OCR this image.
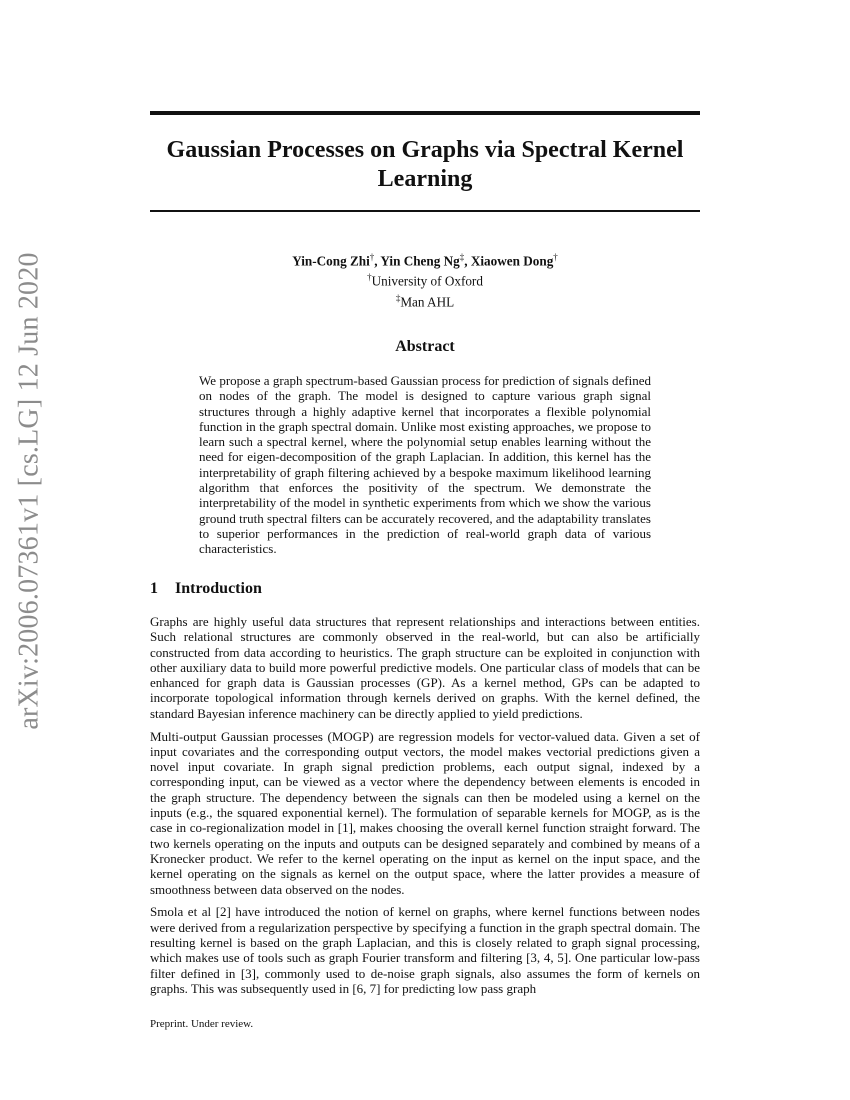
arXiv:2006.07361v1 [cs.LG] 12 Jun 2020
Gaussian Processes on Graphs via Spectral Kernel
Learning
Yin-Cong Zhi†, Yin Cheng Ng‡, Xiaowen Dong†
†University of Oxford
‡Man AHL
Abstract
We propose a graph spectrum-based Gaussian process for prediction of signals defined on nodes of the graph. The model is designed to capture various graph signal structures through a highly adaptive kernel that incorporates a flexible polynomial function in the graph spectral domain. Unlike most existing approaches, we propose to learn such a spectral kernel, where the polynomial setup enables learning without the need for eigen-decomposition of the graph Laplacian. In addition, this kernel has the interpretability of graph filtering achieved by a bespoke maximum likelihood learning algorithm that enforces the positivity of the spectrum. We demonstrate the interpretability of the model in synthetic experiments from which we show the various ground truth spectral filters can be accurately recovered, and the adaptability translates to superior performances in the prediction of real-world graph data of various characteristics.
1 Introduction

Graphs are highly useful data structures that represent relationships and interactions between entities. Such relational structures are commonly observed in the real-world, but can also be artificially constructed from data according to heuristics. The graph structure can be exploited in conjunction with other auxiliary data to build more powerful predictive models. One particular class of models that can be enhanced for graph data is Gaussian processes (GP). As a kernel method, GPs can be adapted to incorporate topological information through kernels derived on graphs. With the kernel defined, the standard Bayesian inference machinery can be directly applied to yield predictions.

Multi-output Gaussian processes (MOGP) are regression models for vector-valued data. Given a set of input covariates and the corresponding output vectors, the model makes vectorial predictions given a novel input covariate. In graph signal prediction problems, each output signal, indexed by a corresponding input, can be viewed as a vector where the dependency between elements is encoded in the graph structure. The dependency between the signals can then be modeled using a kernel on the inputs (e.g., the squared exponential kernel). The formulation of separable kernels for MOGP, as is the case in co-regionalization model in [1], makes choosing the overall kernel function straight forward. The two kernels operating on the inputs and outputs can be designed separately and combined by means of a Kronecker product. We refer to the kernel operating on the input as kernel on the input space, and the kernel operating on the signals as kernel on the output space, where the latter provides a measure of smoothness between data observed on the nodes.

Smola et al [2] have introduced the notion of kernel on graphs, where kernel functions between nodes were derived from a regularization perspective by specifying a function in the graph spectral domain. The resulting kernel is based on the graph Laplacian, and this is closely related to graph signal processing, which makes use of tools such as graph Fourier transform and filtering [3, 4, 5]. One particular low-pass filter defined in [3], commonly used to de-noise graph signals, also assumes the form of kernels on graphs. This was subsequently used in [6, 7] for predicting low pass graph

Preprint. Under review.
